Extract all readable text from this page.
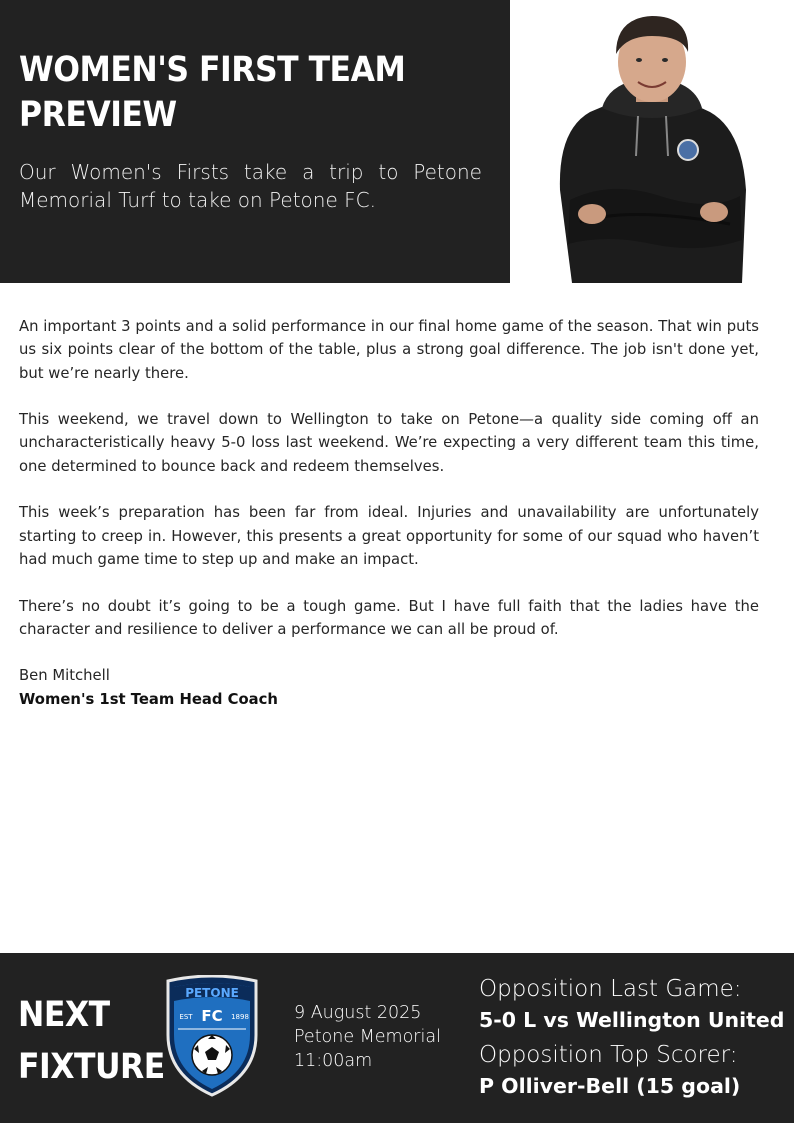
WOMEN'S FIRST TEAM
PREVIEW

Our Women's Firsts take a trip to Petone Memorial Turf to take on Petone FC.

An important 3 points and a solid performance in our final home game of the season. That win puts us six points clear of the bottom of the table, plus a strong goal difference. The job isn't done yet, but we’re nearly there.

This weekend, we travel down to Wellington to take on Petone—a quality side coming off an uncharacteristically heavy 5-0 loss last weekend. We’re expecting a very different team this time, one determined to bounce back and redeem themselves.

This week’s preparation has been far from ideal. Injuries and unavailability are unfortunately starting to creep in. However, this presents a great opportunity for some of our squad who haven’t had much game time to step up and make an impact.

There’s no doubt it’s going to be a tough game. But I have full faith that the ladies have the character and resilience to deliver a performance we can all be proud of.

Ben Mitchell
Women's 1st Team Head Coach
NEXT
FIXTURE
PETONE
FC
EST	1898	9 August 2025
Petone Memorial
11:00am
Opposition Last Game:
5-0 L vs Wellington United
Opposition Top Scorer:
P Olliver-Bell (15 goal)
